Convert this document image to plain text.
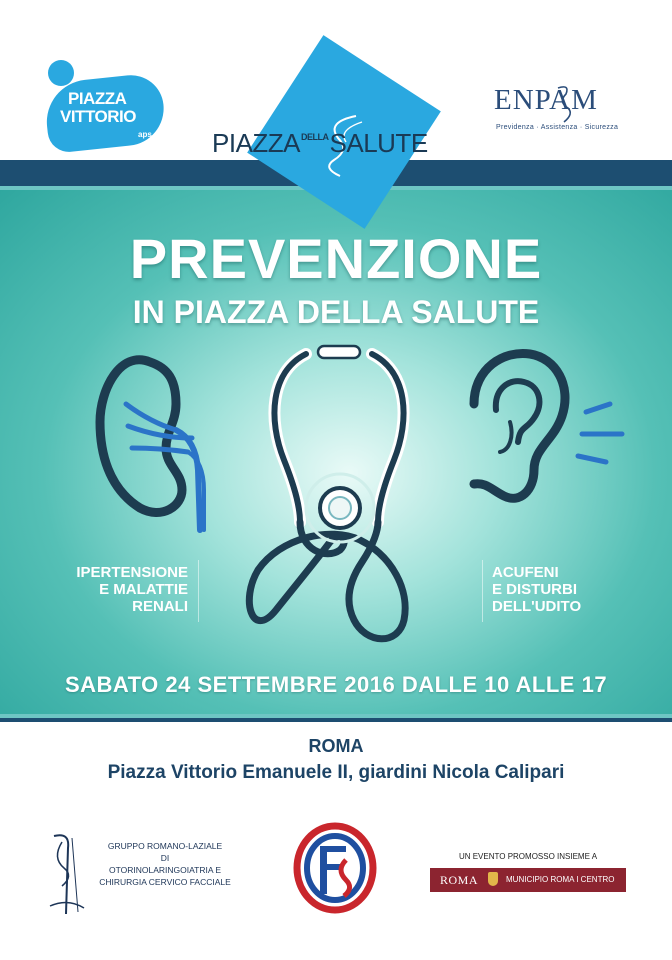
PIAZZA
VITTORIO
aps
ENPAM
Previdenza · Assistenza · Sicurezza
$PIAZZA^{DELLA}SALUTE$
PREVENZIONE
IN PIAZZA DELLA SALUTE
IPERTENSIONE
E MALATTIE
RENALI
ACUFENI
E DISTURBI
DELL'UDITO
SABATO 24 SETTEMBRE 2016 DALLE 10 ALLE 17
ROMA
Piazza Vittorio Emanuele II, giardini Nicola Calipari
GRUPPO ROMANO-LAZIALE
DI
OTORINOLARINGOIATRIA E
CHIRURGIA CERVICO FACCIALE
UN EVENTO PROMOSSO INSIEME A
ROMA	MUNICIPIO ROMA I CENTRO
